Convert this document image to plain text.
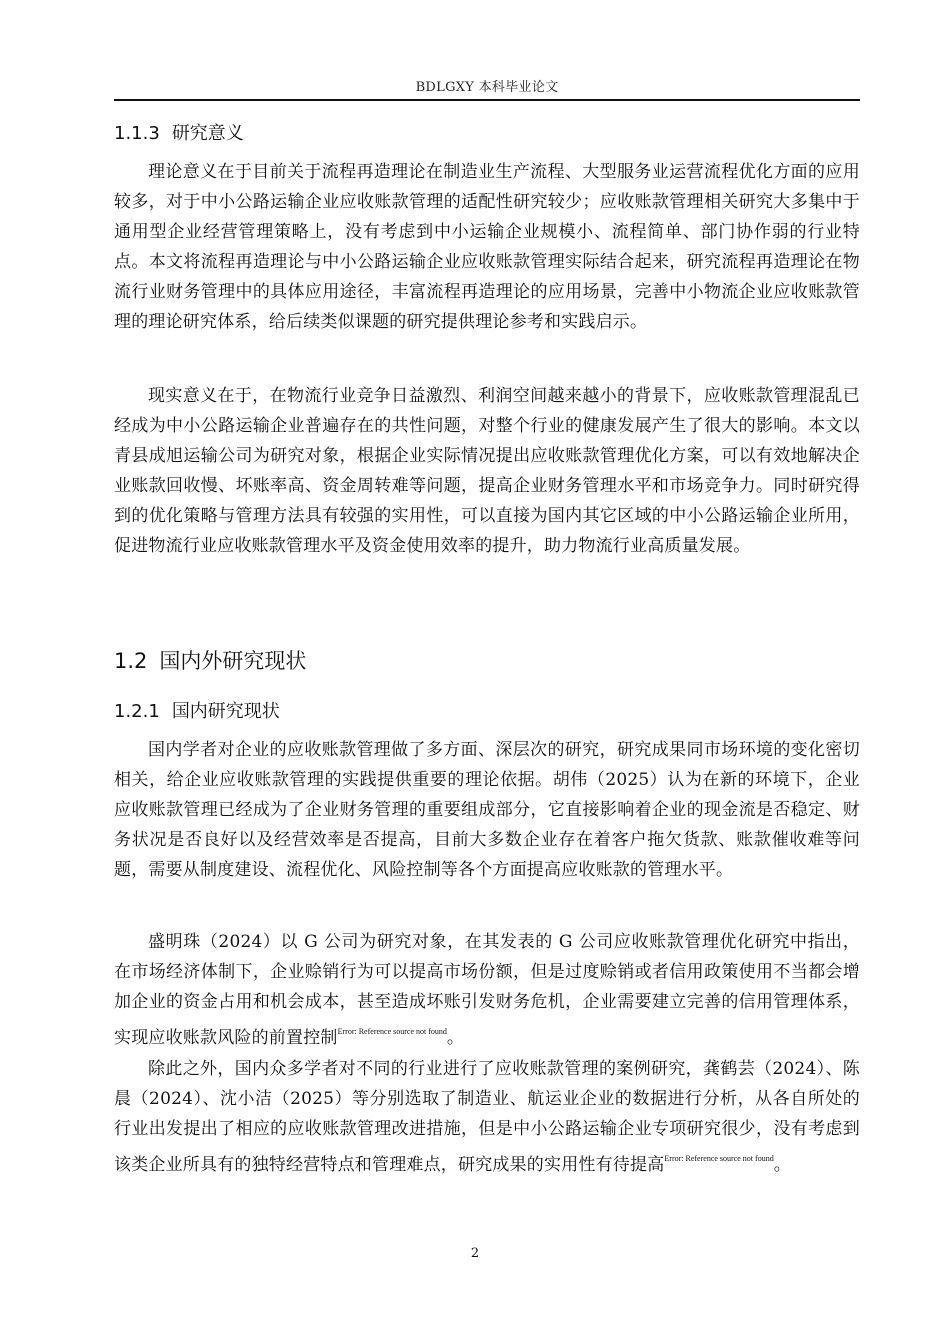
BDLGXY 本科毕业论文
1.1.3 研究意义

理论意义在于目前关于流程再造理论在制造业生产流程、大型服务业运营流程优化方面的应用较多，对于中小公路运输企业应收账款管理的适配性研究较少；应收账款管理相关研究大多集中于通用型企业经营管理策略上，没有考虑到中小运输企业规模小、流程简单、部门协作弱的行业特点。本文将流程再造理论与中小公路运输企业应收账款管理实际结合起来，研究流程再造理论在物流行业财务管理中的具体应用途径，丰富流程再造理论的应用场景，完善中小物流企业应收账款管理的理论研究体系，给后续类似课题的研究提供理论参考和实践启示。

现实意义在于，在物流行业竞争日益激烈、利润空间越来越小的背景下，应收账款管理混乱已经成为中小公路运输企业普遍存在的共性问题，对整个行业的健康发展产生了很大的影响。本文以青县成旭运输公司为研究对象，根据企业实际情况提出应收账款管理优化方案，可以有效地解决企业账款回收慢、坏账率高、资金周转难等问题，提高企业财务管理水平和市场竞争力。同时研究得到的优化策略与管理方法具有较强的实用性，可以直接为国内其它区域的中小公路运输企业所用，促进物流行业应收账款管理水平及资金使用效率的提升，助力物流行业高质量发展。

1.2 国内外研究现状
1.2.1 国内研究现状

国内学者对企业的应收账款管理做了多方面、深层次的研究，研究成果同市场环境的变化密切相关，给企业应收账款管理的实践提供重要的理论依据。胡伟（2025）认为在新的环境下，企业应收账款管理已经成为了企业财务管理的重要组成部分，它直接影响着企业的现金流是否稳定、财务状况是否良好以及经营效率是否提高，目前大多数企业存在着客户拖欠货款、账款催收难等问题，需要从制度建设、流程优化、风险控制等各个方面提高应收账款的管理水平。

盛明珠（2024）以 G 公司为研究对象，在其发表的 G 公司应收账款管理优化研究中指出，在市场经济体制下，企业赊销行为可以提高市场份额，但是过度赊销或者信用政策使用不当都会增加企业的资金占用和机会成本，甚至造成坏账引发财务危机，企业需要建立完善的信用管理体系，实现应收账款风险的前置控制$^{Error: Reference source not found}$。

除此之外，国内众多学者对不同的行业进行了应收账款管理的案例研究，龚鹤芸（2024）、陈晨（2024）、沈小洁（2025）等分别选取了制造业、航运业企业的数据进行分析，从各自所处的行业出发提出了相应的应收账款管理改进措施，但是中小公路运输企业专项研究很少，没有考虑到该类企业所具有的独特经营特点和管理难点，研究成果的实用性有待提高$^{Error: Reference source not found}$。

2
